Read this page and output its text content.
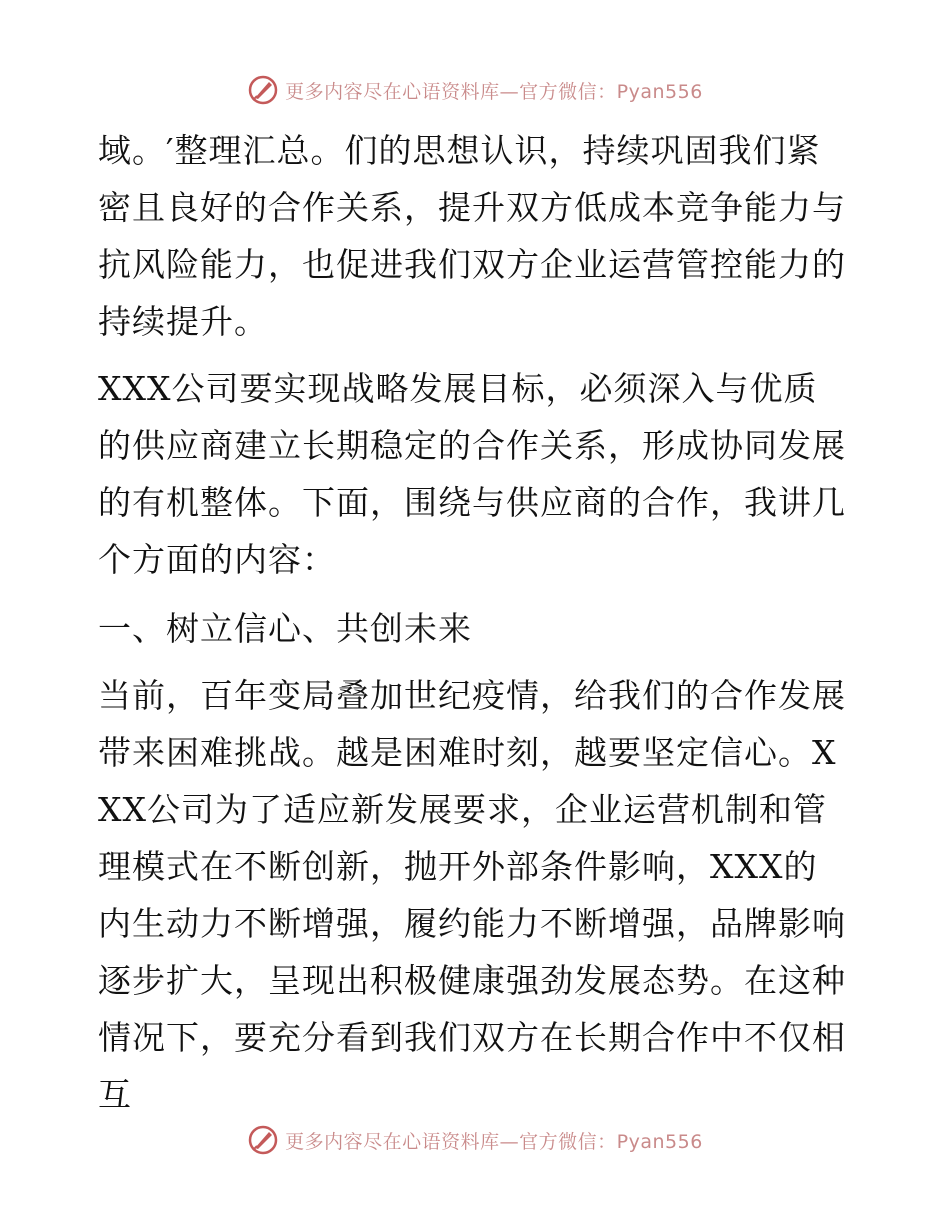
更多内容尽在心语资料库—官方微信：Pyan556

域。′整理汇总。们的思想认识，持续巩固我们紧密且良好的合作关系，提升双方低成本竞争能力与抗风险能力，也促进我们双方企业运营管控能力的持续提升。

XXX公司要实现战略发展目标，必须深入与优质的供应商建立长期稳定的合作关系，形成协同发展的有机整体。下面，围绕与供应商的合作，我讲几个方面的内容：

一、树立信心、共创未来

当前，百年变局叠加世纪疫情，给我们的合作发展带来困难挑战。越是困难时刻，越要坚定信心。XXX公司为了适应新发展要求，企业运营机制和管理模式在不断创新，抛开外部条件影响，XXX的内生动力不断增强，履约能力不断增强，品牌影响逐步扩大，呈现出积极健康强劲发展态势。在这种情况下，要充分看到我们双方在长期合作中不仅相互

更多内容尽在心语资料库—官方微信：Pyan556
